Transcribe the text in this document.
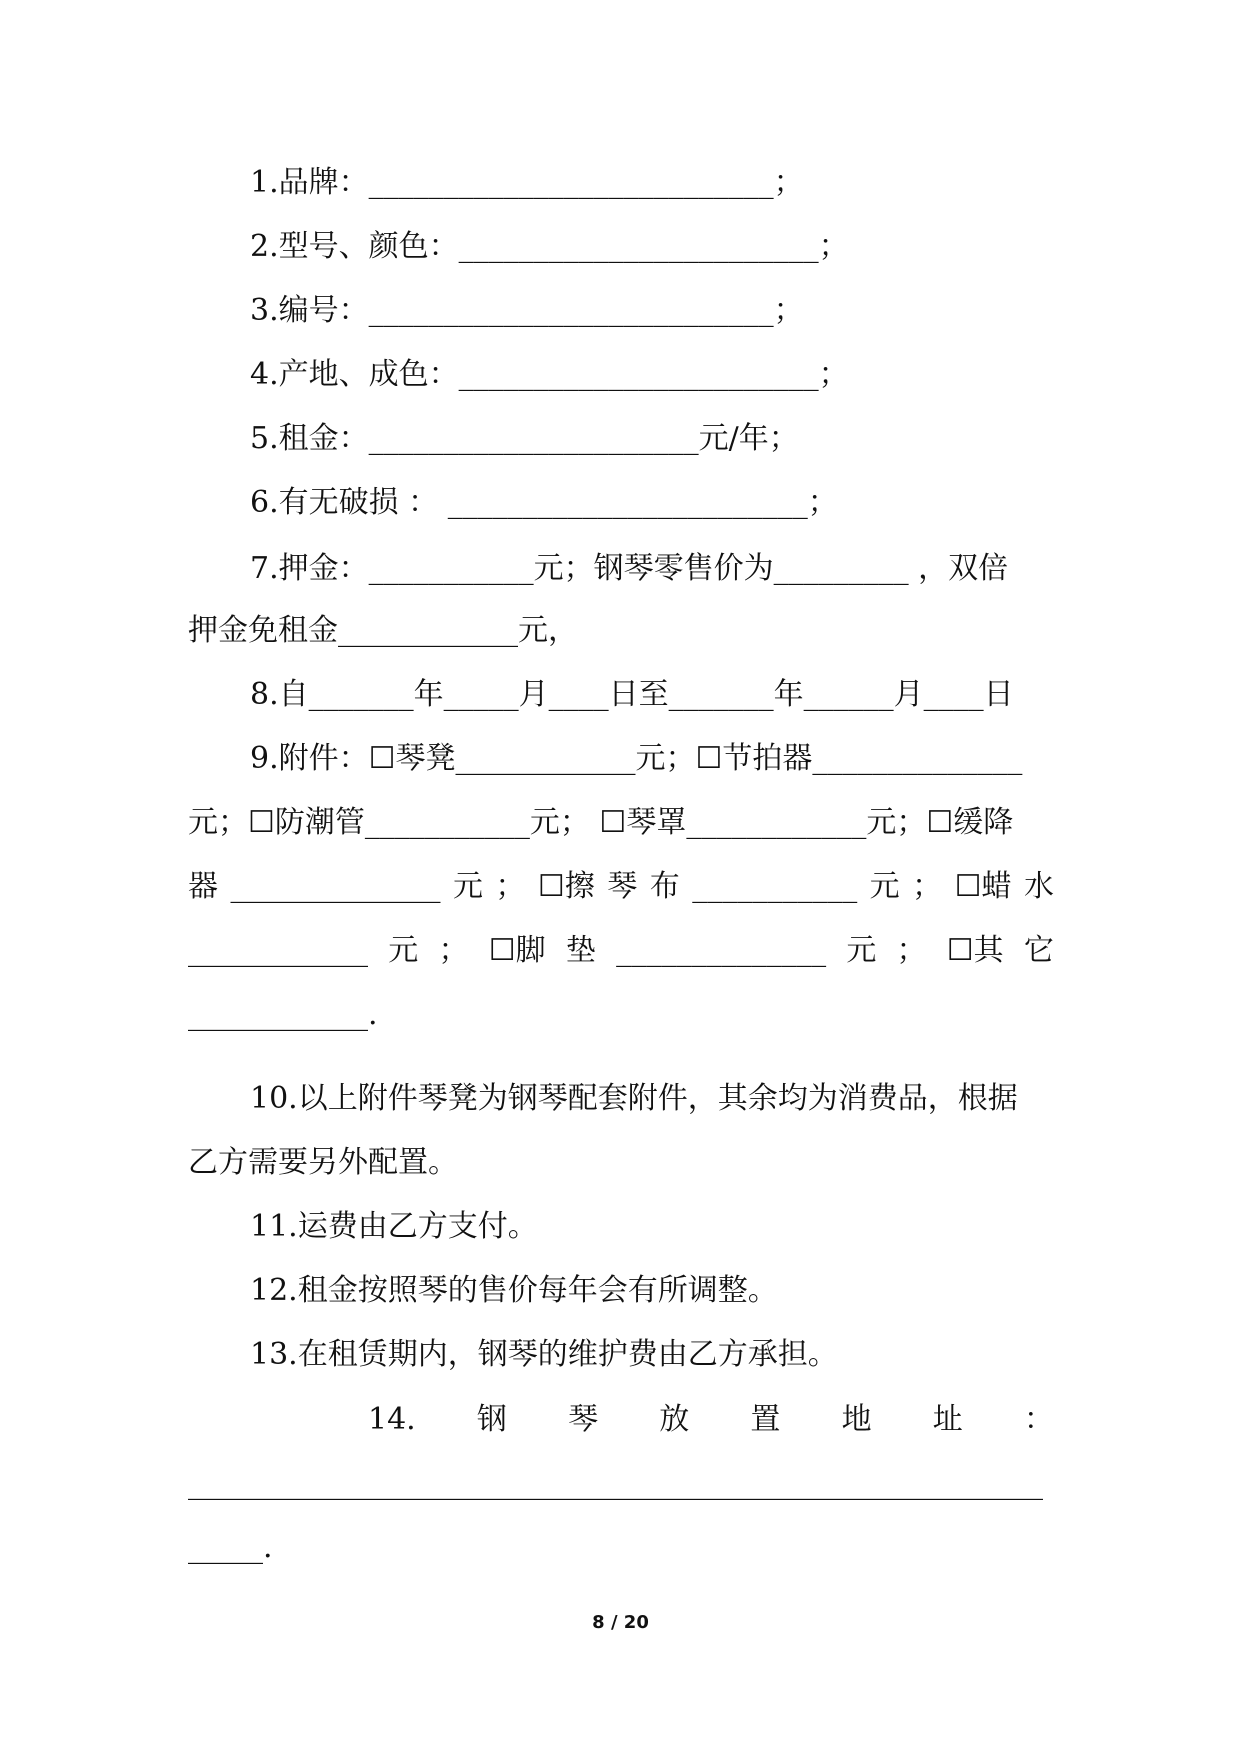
1.品牌：___________________________；
2.型号、颜色：________________________；
3.编号：___________________________；
4.产地、成色：________________________；
5.租金：______________________元/年；
6.有无破损 ： ________________________；
7.押金：___________元；钢琴零售价为_________ ，双倍
押金免租金____________元，
8.自_______年_____月____日至_______年______月____日
9.附件：☐琴凳____________元；☐节拍器______________
元；☐防潮管___________元； ☐琴罩____________元；☐缓降
器 ______________ 元 ； ☐擦 琴 布 ___________ 元 ； ☐蜡 水
____________ 元 ； ☐脚 垫 ______________ 元 ； ☐其 它
____________.
10.以上附件琴凳为钢琴配套附件，其余均为消费品，根据
乙方需要另外配置。
11.运费由乙方支付。
12.租金按照琴的售价每年会有所调整。
13.在租赁期内，钢琴的维护费由乙方承担。
14. 钢 琴 放 置 地 址 ：
_________________________________________________________
_____.
8 / 20
